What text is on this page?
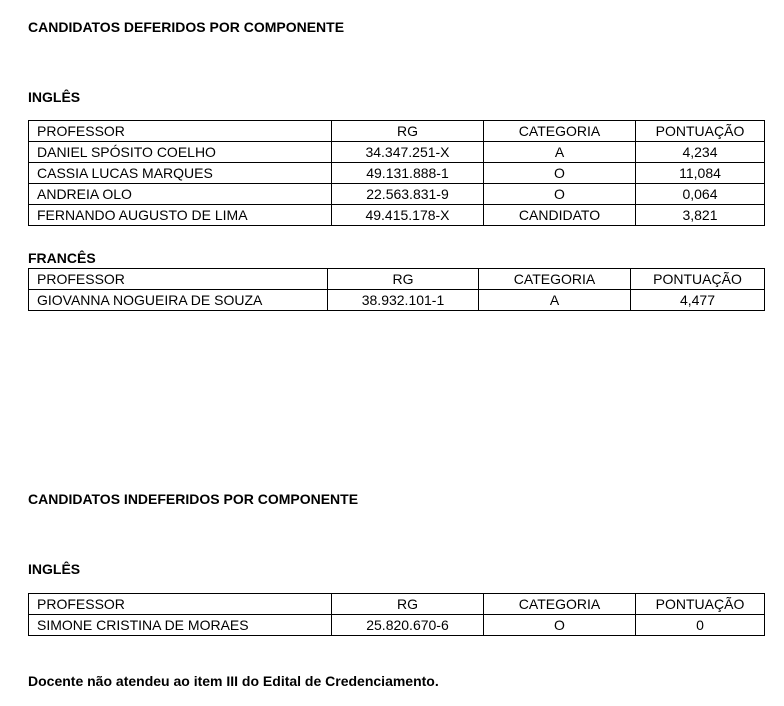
CANDIDATOS DEFERIDOS POR COMPONENTE
INGLÊS
PROFESSOR	RG	CATEGORIA	PONTUAÇÃO
DANIEL SPÓSITO COELHO	34.347.251-X	A	4,234
CASSIA LUCAS MARQUES	49.131.888-1	O	11,084
ANDREIA OLO	22.563.831-9	O	0,064
FERNANDO AUGUSTO DE LIMA	49.415.178-X	CANDIDATO	3,821
FRANCÊS
PROFESSOR	RG	CATEGORIA	PONTUAÇÃO
GIOVANNA NOGUEIRA DE SOUZA	38.932.101-1	A	4,477
CANDIDATOS INDEFERIDOS POR COMPONENTE
INGLÊS
PROFESSOR	RG	CATEGORIA	PONTUAÇÃO
SIMONE CRISTINA DE MORAES	25.820.670-6	O	0
Docente não atendeu ao item III do Edital de Credenciamento.
